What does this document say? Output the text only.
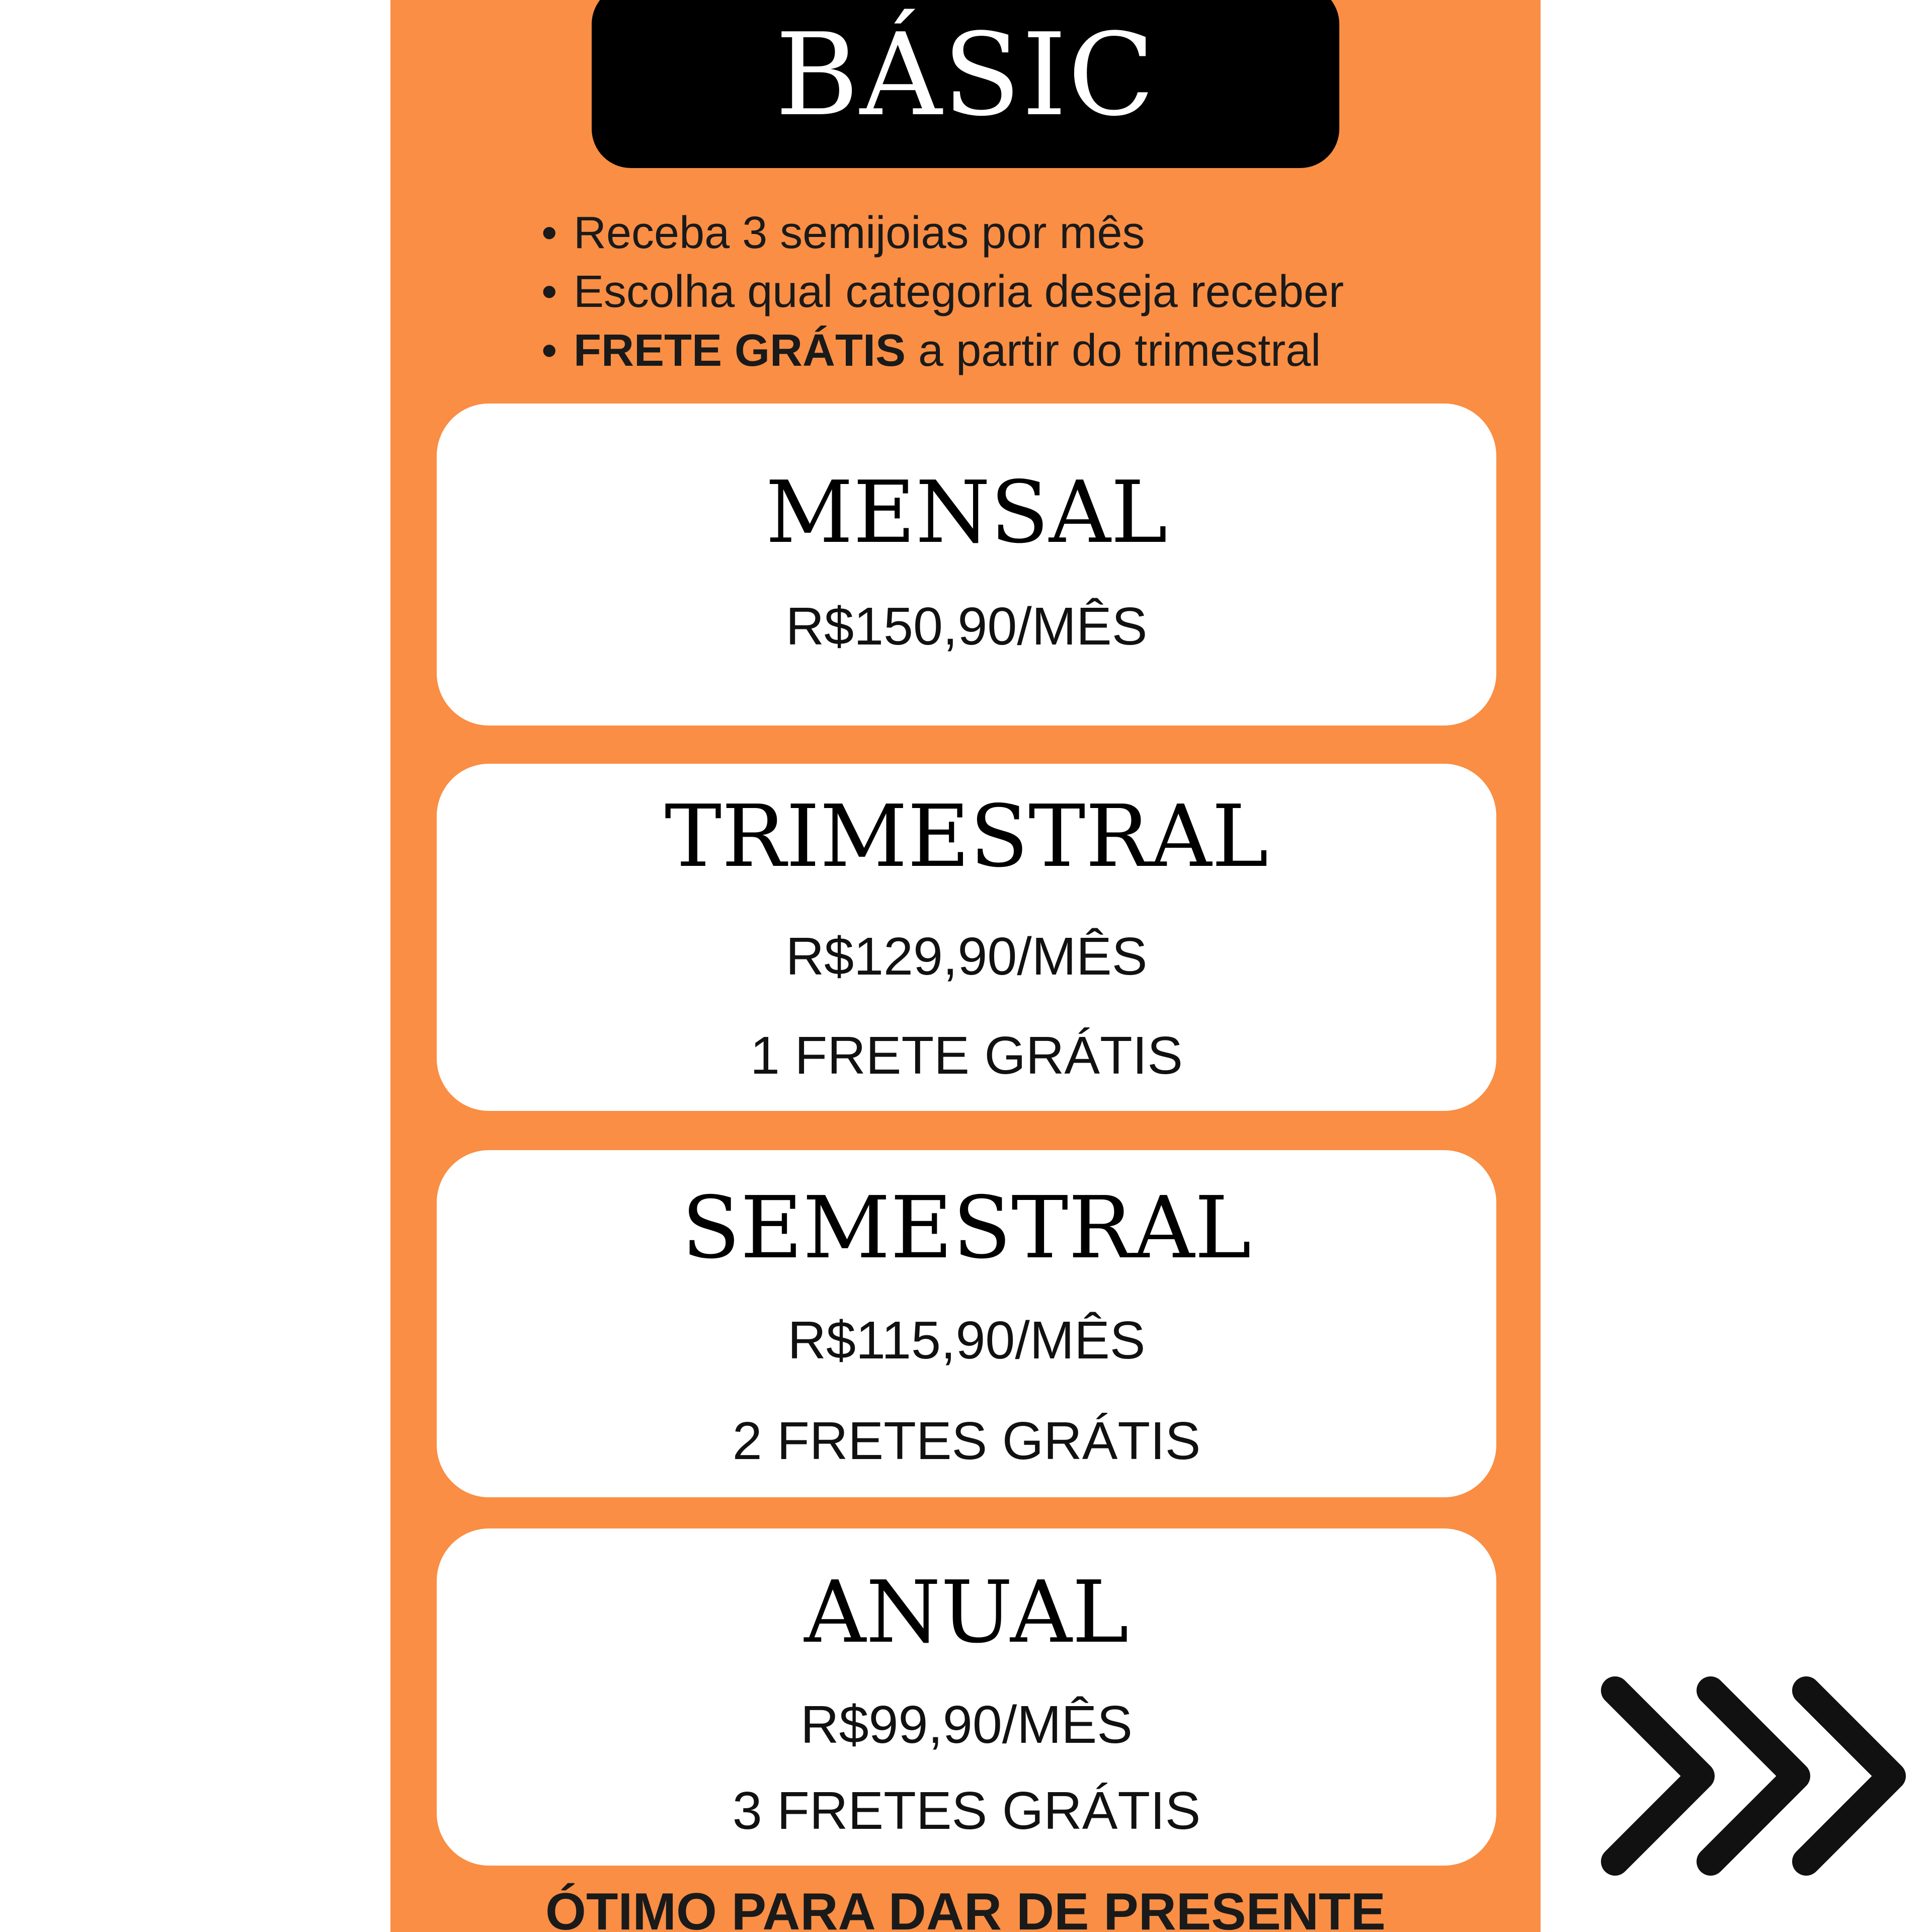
BÁSIC
• Receba 3 semijoias por mês
• Escolha qual categoria deseja receber
• FRETE GRÁTIS a partir do trimestral
MENSAL
R$150,90/MÊS
TRIMESTRAL
R$129,90/MÊS
1 FRETE GRÁTIS
SEMESTRAL
R$115,90/MÊS
2 FRETES GRÁTIS
ANUAL
R$99,90/MÊS
3 FRETES GRÁTIS
ÓTIMO PARA DAR DE PRESENTE
